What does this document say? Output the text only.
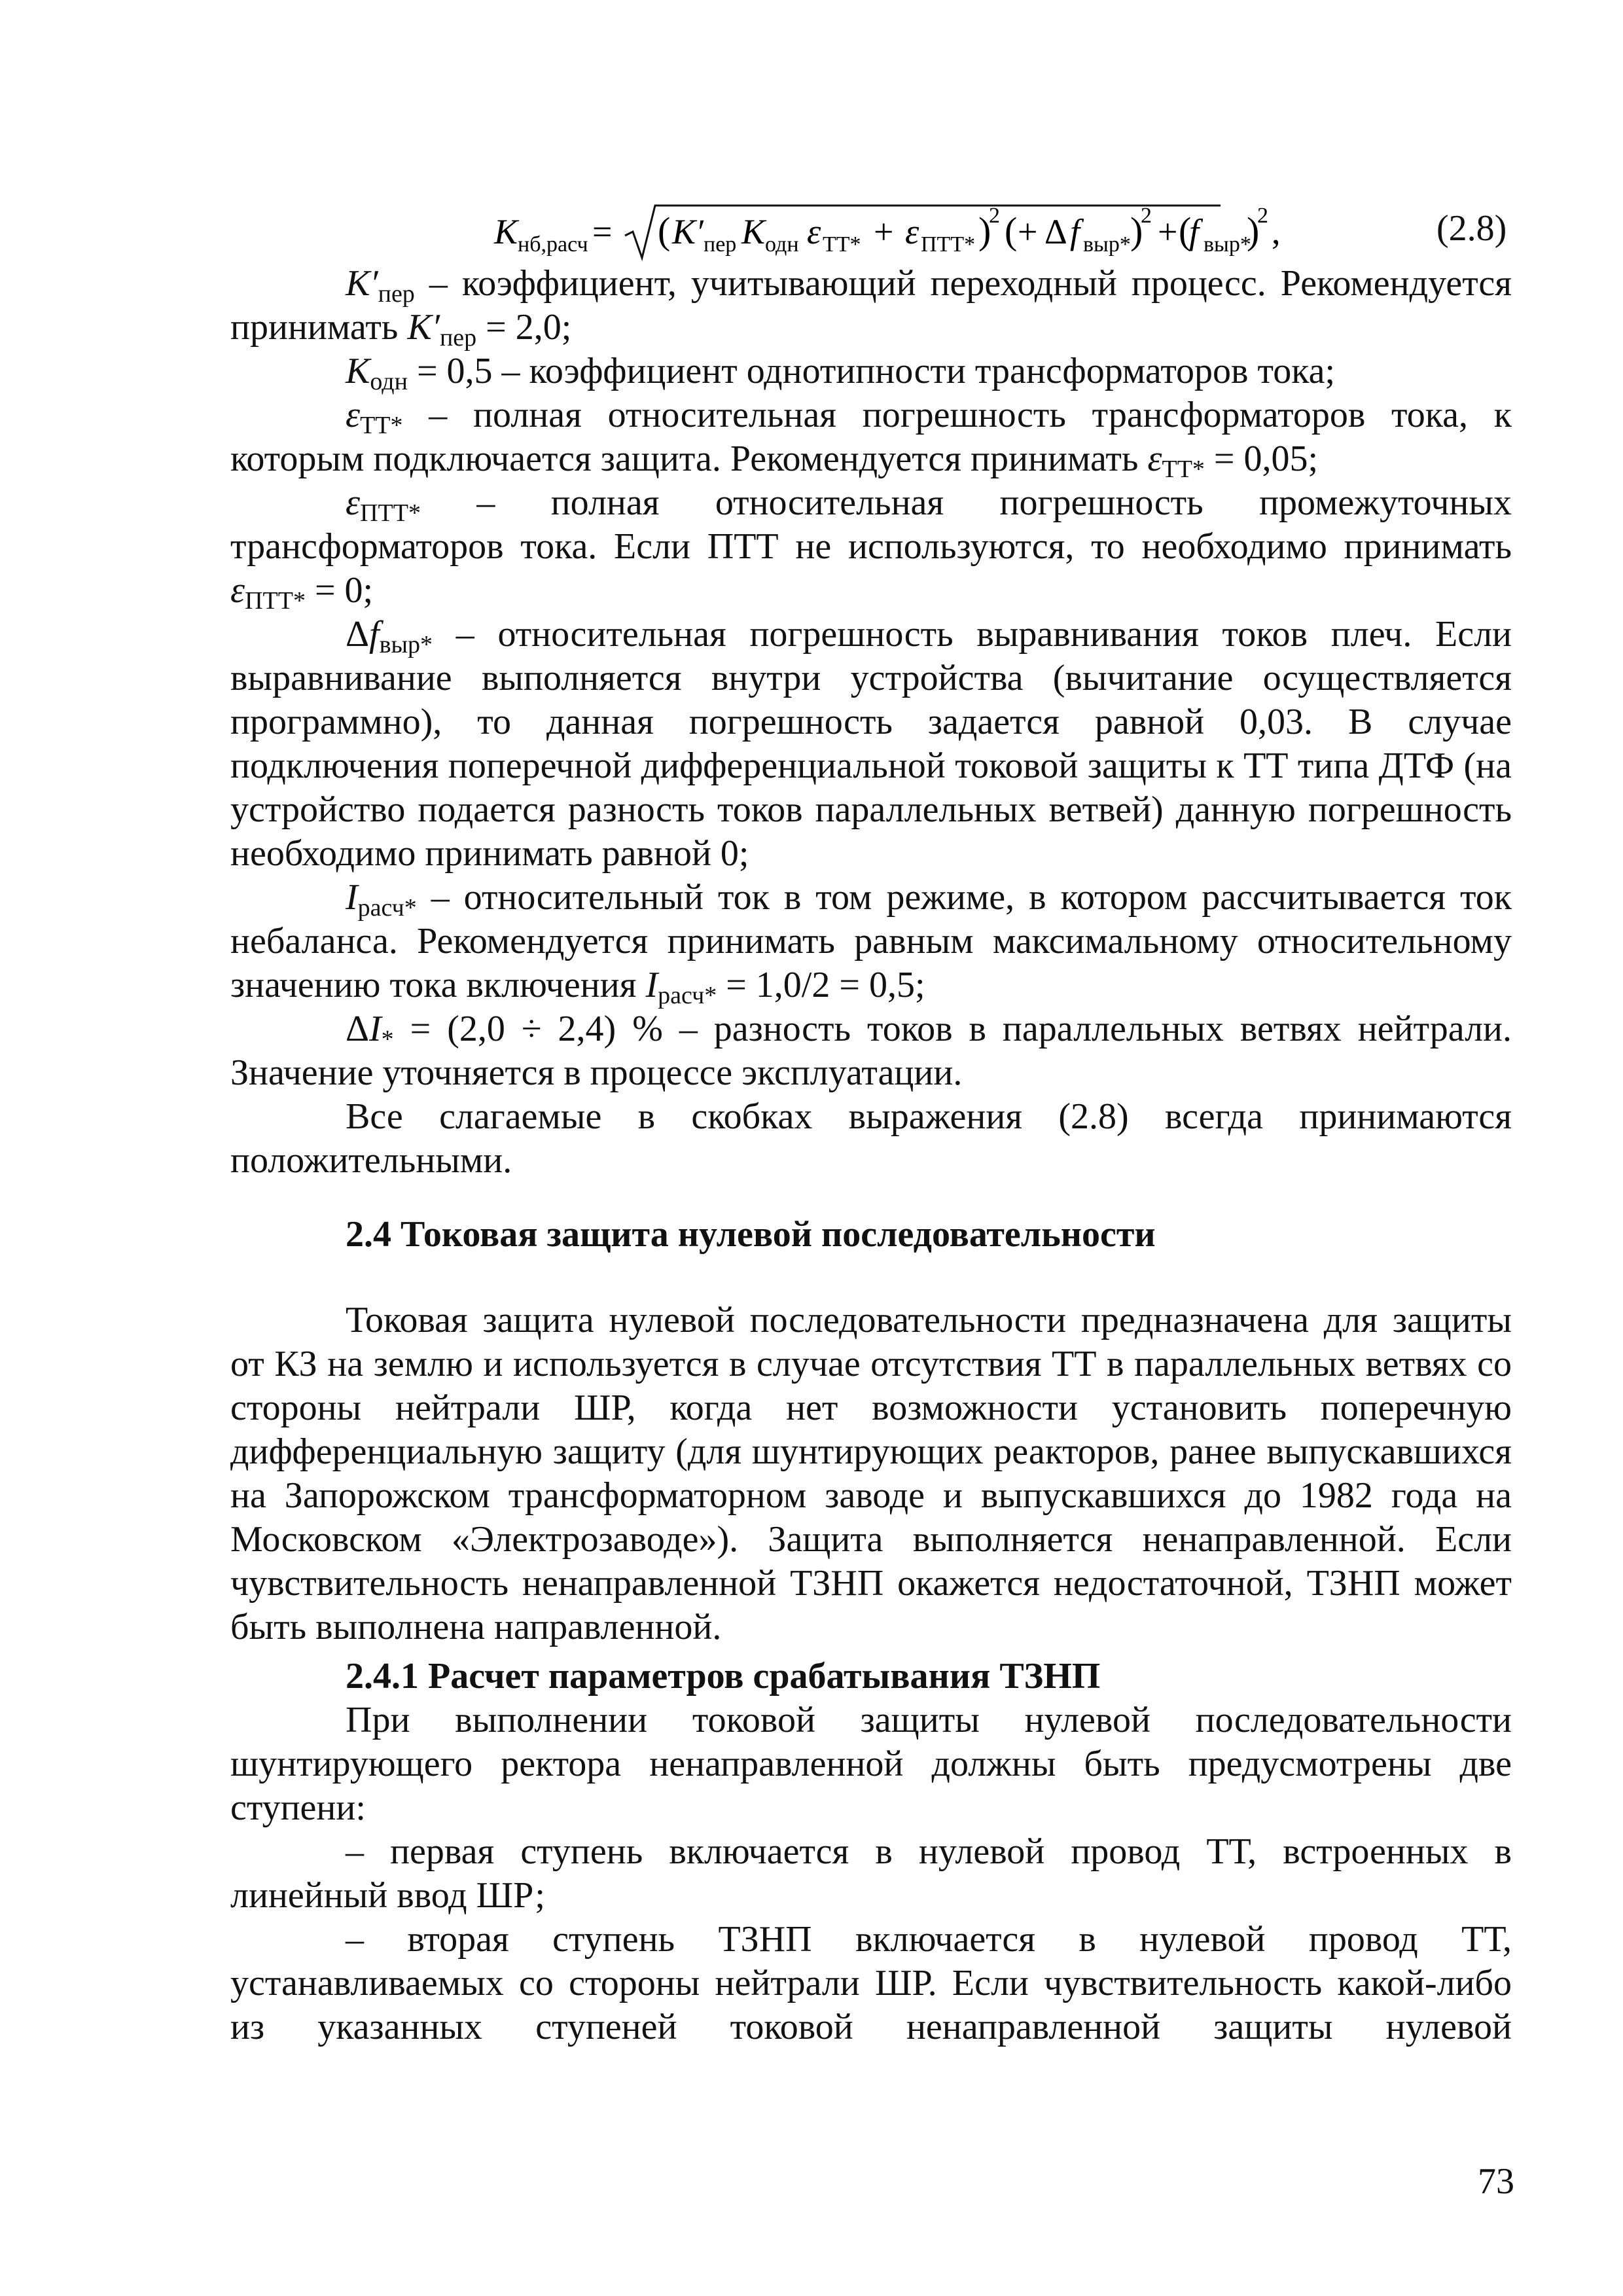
K нб,расч = ( K′ пер K одн ε ТТ* + ε ПТТ* )
2 ( + Δ f выр* )
2 + (
f выр*
)
2 ,	(2.8)

$K'_{пер}$ – коэффициент, учитывающий переходный процесс. Рекомендуется принимать $K'_{пер} = 2,0$;

$K_{одн} = 0,5$ – коэффициент однотипности трансформаторов тока;

$\varepsilon_{ТТ*}$ – полная относительная погрешность трансформаторов тока, к которым подключается защита. Рекомендуется принимать $\varepsilon_{ТТ*} = 0,05$;

$\varepsilon_{ПТТ*}$ – полная относительная погрешность промежуточных трансформаторов тока. Если ПТТ не используются, то необходимо принимать $\varepsilon_{ПТТ*} = 0$;

$\Delta f_{выр*}$ – относительная погрешность выравнивания токов плеч. Если выравнивание выполняется внутри устройства (вычитание осуществляется программно), то данная погрешность задается равной 0,03. В случае подключения поперечной дифференциальной токовой защиты к ТТ типа ДТФ (на устройство подается разность токов параллельных ветвей) данную погрешность необходимо принимать равной 0;

$I_{расч*}$ – относительный ток в том режиме, в котором рассчитывается ток небаланса. Рекомендуется принимать равным максимальному относительному значению тока включения $I_{расч*} = 1,0/2 = 0,5$;

$\Delta I_* = (2,0 \div 2,4)$ % – разность токов в параллельных ветвях нейтрали. Значение уточняется в процессе эксплуатации.

Все слагаемые в скобках выражения (2.8) всегда принимаются положительными.

2.4 Токовая защита нулевой последовательности

Токовая защита нулевой последовательности предназначена для защиты от КЗ на землю и используется в случае отсутствия ТТ в параллельных ветвях со стороны нейтрали ШР, когда нет возможности установить поперечную дифференциальную защиту (для шунтирующих реакторов, ранее выпускавшихся на Запорожском трансформаторном заводе и выпускавшихся до 1982 года на Московском «Электрозаводе»). Защита выполняется ненаправленной. Если чувствительность ненаправленной ТЗНП окажется недостаточной, ТЗНП может быть выполнена направленной.

2.4.1 Расчет параметров срабатывания ТЗНП

При выполнении токовой защиты нулевой последовательности шунтирующего ректора ненаправленной должны быть предусмотрены две ступени:

– первая ступень включается в нулевой провод ТТ, встроенных в линейный ввод ШР;

– вторая ступень ТЗНП включается в нулевой провод ТТ, устанавливаемых со стороны нейтрали ШР. Если чувствительность какой-либо из указанных ступеней токовой ненаправленной защиты нулевой

73
